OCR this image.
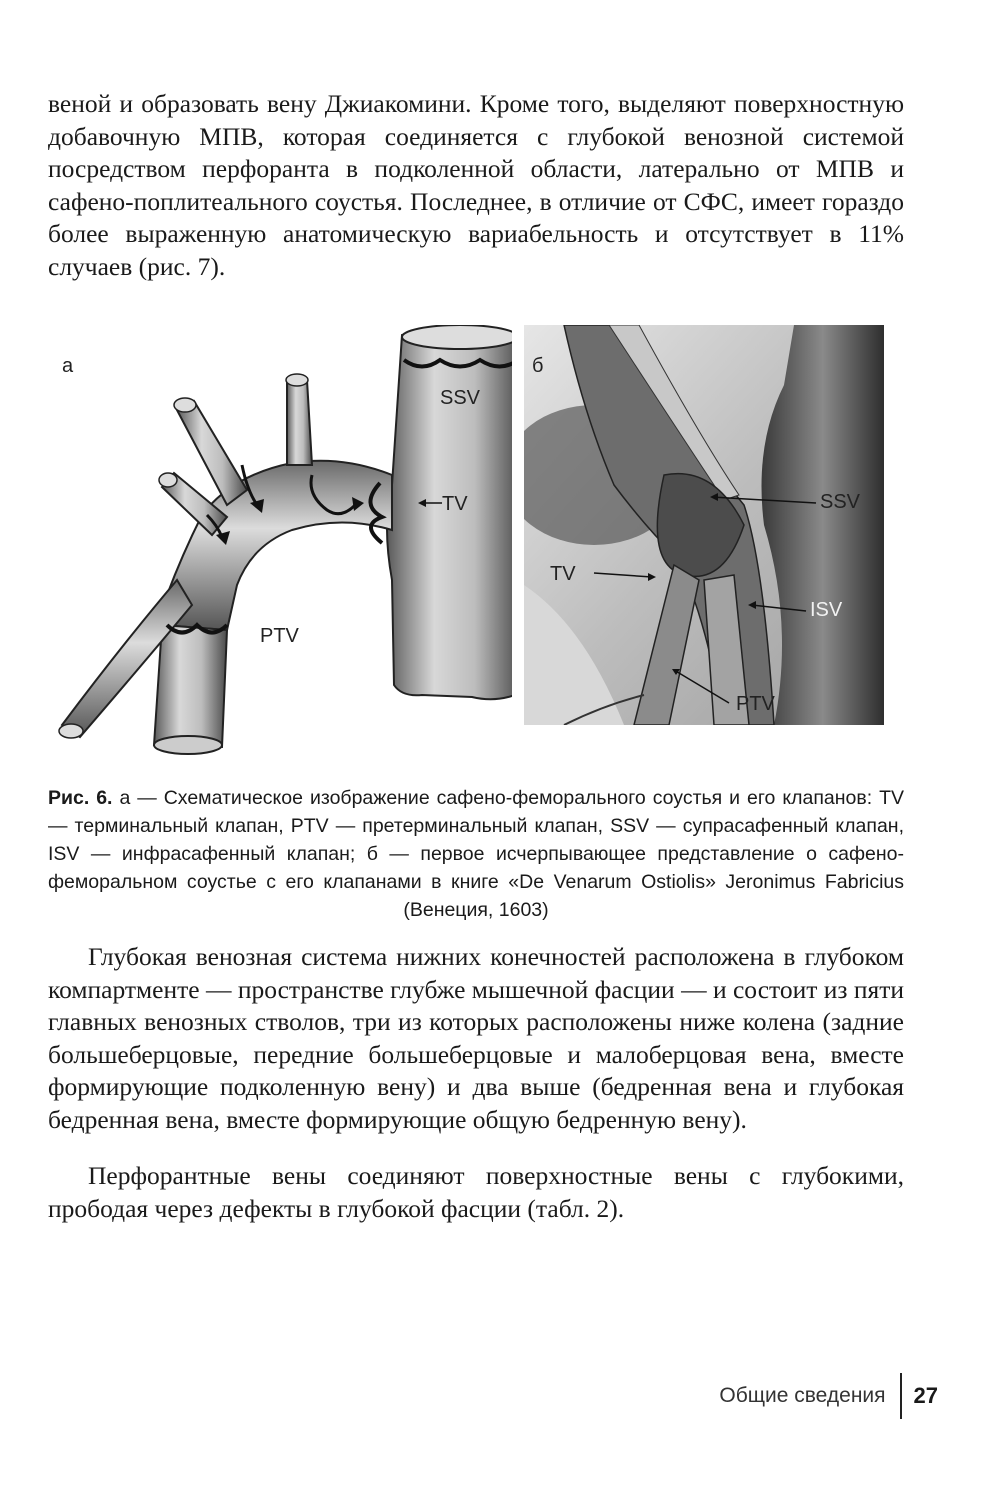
веной и образовать вену Джиакомини. Кроме того, выделяют поверхностную добавочную МПВ, которая соединяется с глубокой венозной системой посредством перфоранта в подколенной области, латерально от МПВ и сафено-поплитеального соустья. Последнее, в отличие от СФС, имеет гораздо более выраженную анатомическую вариабельность и отсутствует в 11% случаев (рис. 7).

а
SSV
TV
PTV
б
SSV
TV
ISV
PTV

Рис. 6. а — Схематическое изображение сафено-феморального соустья и его клапанов: TV — терминальный клапан, PTV — претерминальный клапан, SSV — супрасафенный клапан, ISV — инфрасафенный клапан; б — первое исчерпывающее представление о сафено-феморальном соустье с его клапанами в книге «De Venarum Ostiolis» Jeronimus Fabricius (Венеция, 1603)

Глубокая венозная система нижних конечностей расположена в глубоком компартменте — пространстве глубже мышечной фасции — и состоит из пяти главных венозных стволов, три из которых расположены ниже колена (задние большеберцовые, передние большеберцовые и малоберцовая вена, вместе формирующие подколенную вену) и два выше (бедренная вена и глубокая бедренная вена, вместе формирующие общую бедренную вену).

Перфорантные вены соединяют поверхностные вены с глубокими, прободая через дефекты в глубокой фасции (табл. 2).

Общие сведения	27
